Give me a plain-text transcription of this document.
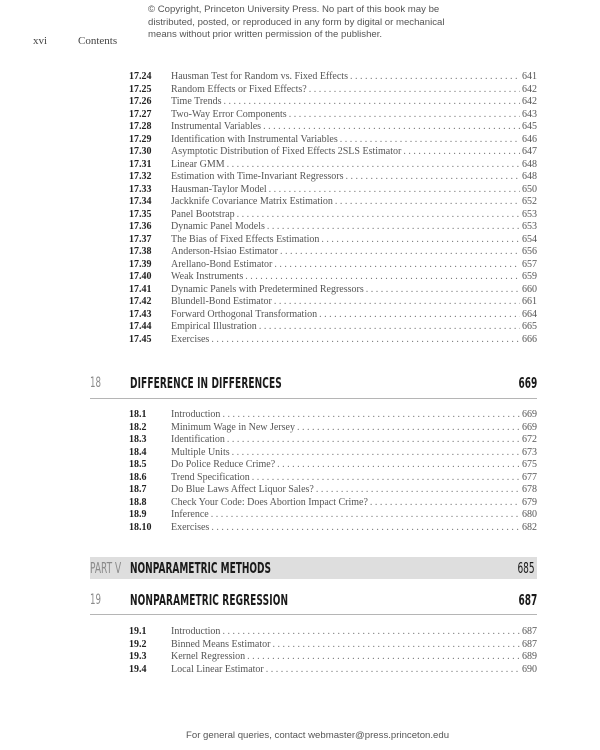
© Copyright, Princeton University Press. No part of this book may be
distributed, posted, or reproduced in any form by digital or mechanical
means without prior written permission of the publisher.
xvi	Contents
17.24	Hausman Test for Random vs. Fixed Effects . . .	641
17.25	Random Effects or Fixed Effects? . . .	642
17.26	Time Trends . . .	642
17.27	Two-Way Error Components . . .	643
17.28	Instrumental Variables . . .	645
17.29	Identification with Instrumental Variables . . .	646
17.30	Asymptotic Distribution of Fixed Effects 2SLS Estimator . . .	647
17.31	Linear GMM . . .	648
17.32	Estimation with Time-Invariant Regressors . . .	648
17.33	Hausman-Taylor Model . . .	650
17.34	Jackknife Covariance Matrix Estimation . . .	652
17.35	Panel Bootstrap . . .	653
17.36	Dynamic Panel Models . . .	653
17.37	The Bias of Fixed Effects Estimation . . .	654
17.38	Anderson-Hsiao Estimator . . .	656
17.39	Arellano-Bond Estimator . . .	657
17.40	Weak Instruments . . .	659
17.41	Dynamic Panels with Predetermined Regressors . . .	660
17.42	Blundell-Bond Estimator . . .	661
17.43	Forward Orthogonal Transformation . . .	664
17.44	Empirical Illustration . . .	665
17.45	Exercises . . .	666
18	DIFFERENCE IN DIFFERENCES	669
18.1	Introduction . . .	669
18.2	Minimum Wage in New Jersey . . .	669
18.3	Identification . . .	672
18.4	Multiple Units . . .	673
18.5	Do Police Reduce Crime? . . .	675
18.6	Trend Specification . . .	677
18.7	Do Blue Laws Affect Liquor Sales? . . .	678
18.8	Check Your Code: Does Abortion Impact Crime? . . .	679
18.9	Inference . . .	680
18.10	Exercises . . .	682
PART V NONPARAMETRIC METHODS	685
19	NONPARAMETRIC REGRESSION	687
19.1	Introduction . . .	687
19.2	Binned Means Estimator . . .	687
19.3	Kernel Regression . . .	689
19.4	Local Linear Estimator . . .	690
For general queries, contact webmaster@press.princeton.edu
